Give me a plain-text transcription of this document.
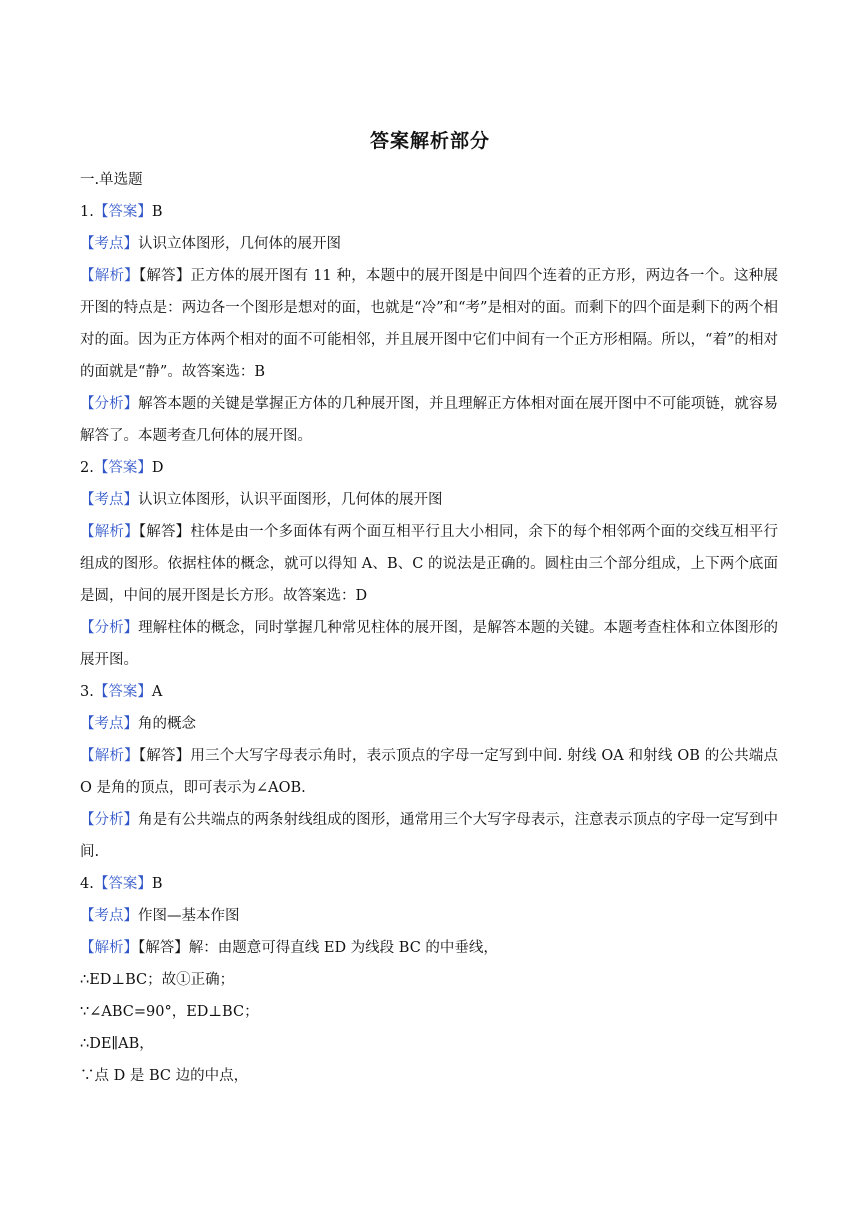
答案解析部分

一.单选题

1.【答案】B

【考点】认识立体图形，几何体的展开图

【解析】【解答】正方体的展开图有 11 种，本题中的展开图是中间四个连着的正方形，两边各一个。这种展开图的特点是：两边各一个图形是想对的面，也就是“冷”和“考”是相对的面。而剩下的四个面是剩下的两个相对的面。因为正方体两个相对的面不可能相邻，并且展开图中它们中间有一个正方形相隔。所以，“着”的相对的面就是“静”。故答案选：B

【分析】解答本题的关键是掌握正方体的几种展开图，并且理解正方体相对面在展开图中不可能项链，就容易解答了。本题考查几何体的展开图。

2.【答案】D

【考点】认识立体图形，认识平面图形，几何体的展开图

【解析】【解答】柱体是由一个多面体有两个面互相平行且大小相同，余下的每个相邻两个面的交线互相平行组成的图形。依据柱体的概念，就可以得知 A、B、C 的说法是正确的。圆柱由三个部分组成，上下两个底面是圆，中间的展开图是长方形。故答案选：D

【分析】理解柱体的概念，同时掌握几种常见柱体的展开图，是解答本题的关键。本题考查柱体和立体图形的展开图。

3.【答案】A

【考点】角的概念

【解析】【解答】用三个大写字母表示角时，表示顶点的字母一定写到中间. 射线 OA 和射线 OB 的公共端点 O 是角的顶点，即可表示为∠AOB.

【分析】角是有公共端点的两条射线组成的图形，通常用三个大写字母表示，注意表示顶点的字母一定写到中间.

4.【答案】B

【考点】作图—基本作图

【解析】【解答】解：由题意可得直线 ED 为线段 BC 的中垂线，

∴ED⊥BC；故①正确；

∵∠ABC=90°，ED⊥BC；

∴DE∥AB，

∵点 D 是 BC 边的中点，
